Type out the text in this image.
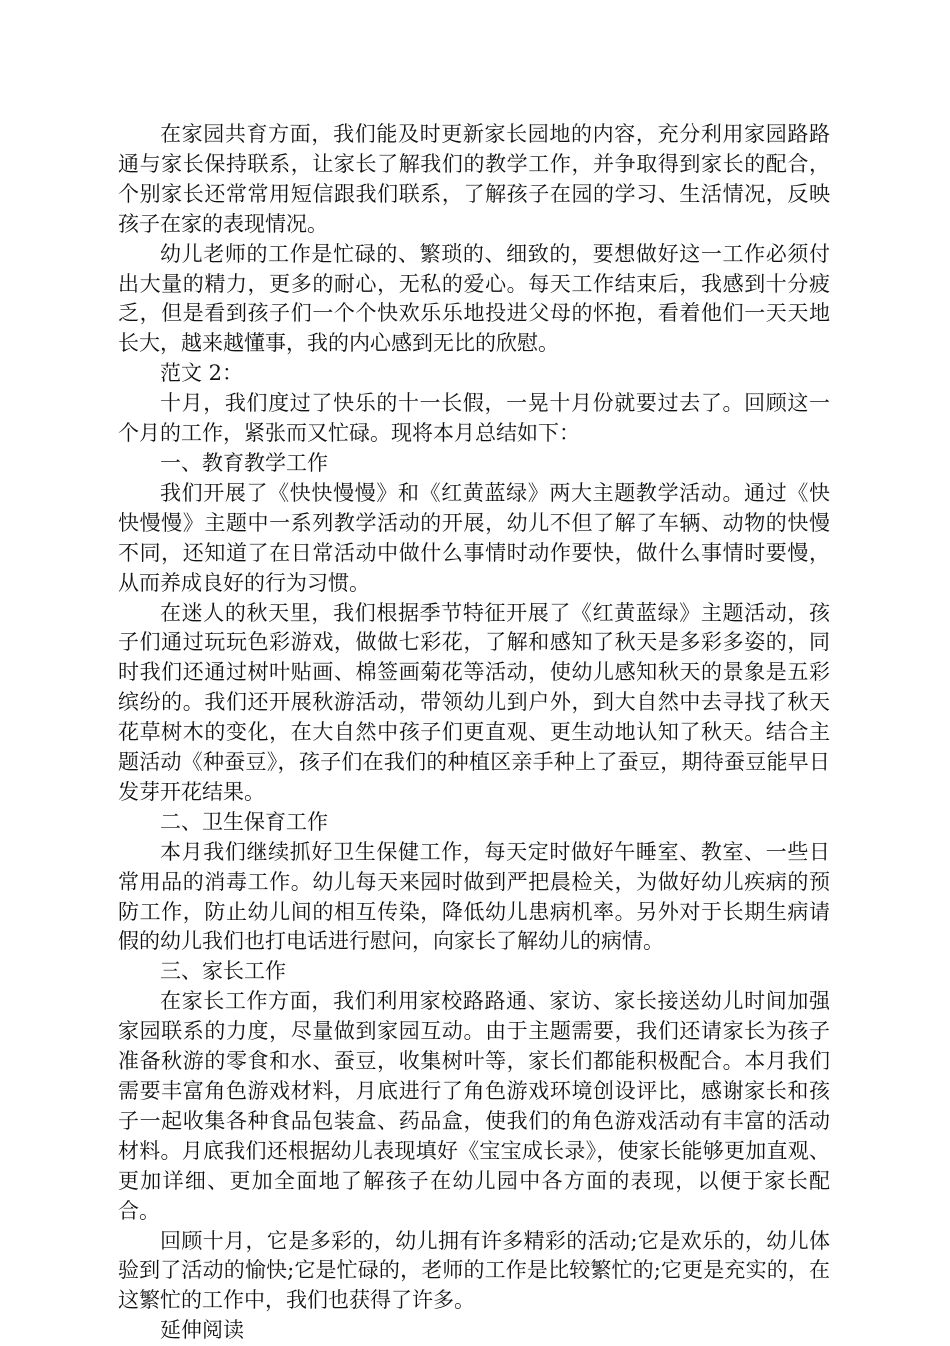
在家园共育方面，我们能及时更新家长园地的内容，充分利用家园路路通与家长保持联系，让家长了解我们的教学工作，并争取得到家长的配合，个别家长还常常用短信跟我们联系，了解孩子在园的学习、生活情况，反映孩子在家的表现情况。

幼儿老师的工作是忙碌的、繁琐的、细致的，要想做好这一工作必须付出大量的精力，更多的耐心，无私的爱心。每天工作结束后，我感到十分疲乏，但是看到孩子们一个个快欢乐乐地投进父母的怀抱，看着他们一天天地长大，越来越懂事，我的内心感到无比的欣慰。

范文 2：

十月，我们度过了快乐的十一长假，一晃十月份就要过去了。回顾这一个月的工作，紧张而又忙碌。现将本月总结如下：

一、教育教学工作

我们开展了《快快慢慢》和《红黄蓝绿》两大主题教学活动。通过《快快慢慢》主题中一系列教学活动的开展，幼儿不但了解了车辆、动物的快慢不同，还知道了在日常活动中做什么事情时动作要快，做什么事情时要慢，从而养成良好的行为习惯。

在迷人的秋天里，我们根据季节特征开展了《红黄蓝绿》主题活动，孩子们通过玩玩色彩游戏，做做七彩花，了解和感知了秋天是多彩多姿的，同时我们还通过树叶贴画、棉签画菊花等活动，使幼儿感知秋天的景象是五彩缤纷的。我们还开展秋游活动，带领幼儿到户外，到大自然中去寻找了秋天花草树木的变化，在大自然中孩子们更直观、更生动地认知了秋天。结合主题活动《种蚕豆》，孩子们在我们的种植区亲手种上了蚕豆，期待蚕豆能早日发芽开花结果。

二、卫生保育工作

本月我们继续抓好卫生保健工作，每天定时做好午睡室、教室、一些日常用品的消毒工作。幼儿每天来园时做到严把晨检关，为做好幼儿疾病的预防工作，防止幼儿间的相互传染，降低幼儿患病机率。另外对于长期生病请假的幼儿我们也打电话进行慰问，向家长了解幼儿的病情。

三、家长工作

在家长工作方面，我们利用家校路路通、家访、家长接送幼儿时间加强家园联系的力度，尽量做到家园互动。由于主题需要，我们还请家长为孩子准备秋游的零食和水、蚕豆，收集树叶等，家长们都能积极配合。本月我们需要丰富角色游戏材料，月底进行了角色游戏环境创设评比，感谢家长和孩子一起收集各种食品包装盒、药品盒，使我们的角色游戏活动有丰富的活动材料。月底我们还根据幼儿表现填好《宝宝成长录》，使家长能够更加直观、更加详细、更加全面地了解孩子在幼儿园中各方面的表现，以便于家长配合。

回顾十月，它是多彩的，幼儿拥有许多精彩的活动;它是欢乐的，幼儿体验到了活动的愉快;它是忙碌的，老师的工作是比较繁忙的;它更是充实的，在这繁忙的工作中，我们也获得了许多。

延伸阅读
